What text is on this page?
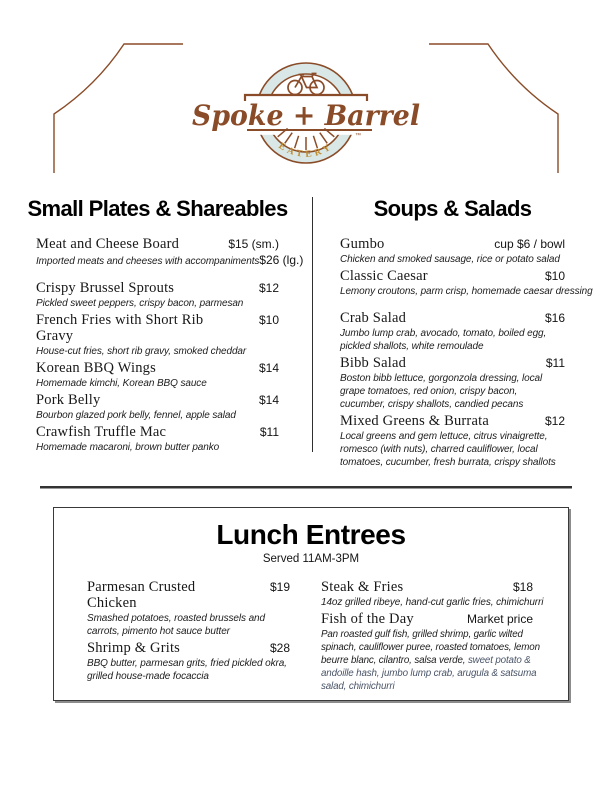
Spoke + Barrel
EATERY
™
Small Plates & Shareables
Meat and Cheese Board	$15 (sm.)
Imported meats and cheeses with accompaniments $26 (lg.)
Crispy Brussel Sprouts	$12
Pickled sweet peppers, crispy bacon, parmesan
French Fries with Short Rib Gravy
$10
House-cut fries, short rib gravy, smoked cheddar
Korean BBQ Wings	$14
Homemade kimchi, Korean BBQ sauce
Pork Belly	$14
Bourbon glazed pork belly, fennel, apple salad
Crawfish Truffle Mac	$11
Homemade macaroni, brown butter panko
Soups & Salads
Gumbo	cup $6 / bowl
Chicken and smoked sausage, rice or potato salad
Classic Caesar	$10
Lemony croutons, parm crisp, homemade caesar dressing
Crab Salad	$16
Jumbo lump crab, avocado, tomato, boiled egg, pickled shallots, white remoulade
Bibb Salad	$11
Boston bibb lettuce, gorgonzola dressing, local grape tomatoes, red onion, crispy bacon, cucumber, crispy shallots, candied pecans
Mixed Greens & Burrata	$12
Local greens and gem lettuce, citrus vinaigrette, romesco (with nuts), charred cauliflower, local tomatoes, cucumber, fresh burrata, crispy shallots
Lunch Entrees
Served 11AM-3PM
Parmesan Crusted Chicken
$19
Smashed potatoes, roasted brussels and carrots, pimento hot sauce butter
Shrimp & Grits	$28
BBQ butter, parmesan grits, fried pickled okra, grilled house-made focaccia
Steak & Fries	$18
14oz grilled ribeye, hand-cut garlic fries, chimichurri
Fish of the Day	Market price
Pan roasted gulf fish, grilled shrimp, garlic wilted spinach, cauliflower puree, roasted tomatoes, lemon beurre blanc, cilantro, salsa verde, sweet potato & andoille hash, jumbo lump crab, arugula & satsuma salad, chimichurri
